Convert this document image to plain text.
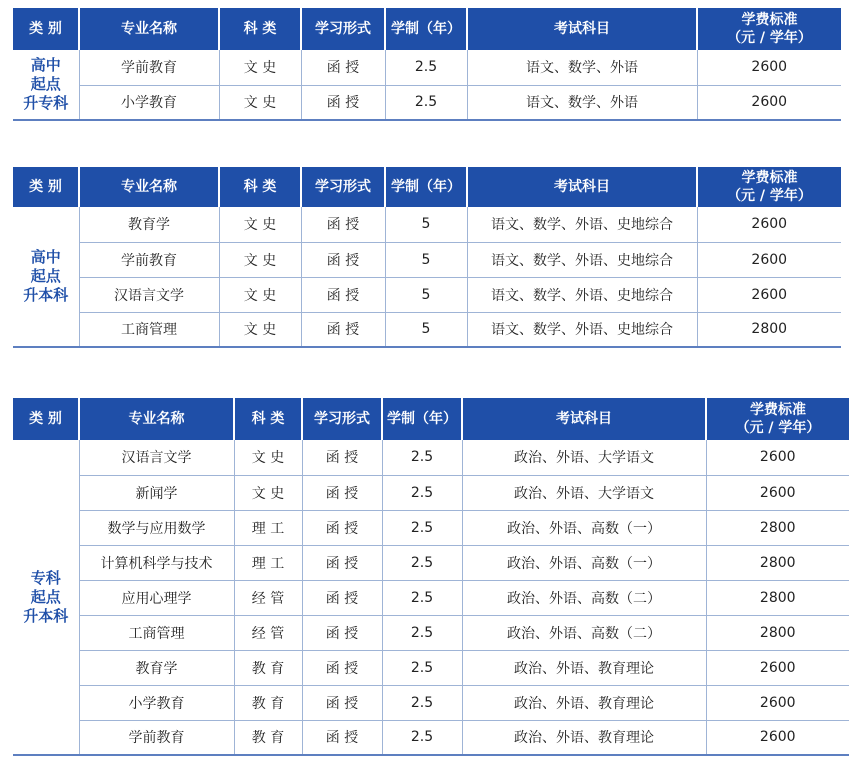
类 别	专业名称	科 类	学习形式	学制（年）	考试科目	学费标准
（元 / 学年）

高中
起点
升专科	学前教育	文 史	函 授	2.5	语文、数学、外语	2600
	小学教育	文 史	函 授	2.5	语文、数学、外语	2600
类 别	专业名称	科 类	学习形式	学制（年）	考试科目	学费标准
（元 / 学年）

高中
起点
升本科	教育学	文 史	函 授	5	语文、数学、外语、史地综合	2600
	学前教育	文 史	函 授	5	语文、数学、外语、史地综合	2600
	汉语言文学	文 史	函 授	5	语文、数学、外语、史地综合	2600
	工商管理	文 史	函 授	5	语文、数学、外语、史地综合	2800
类 别	专业名称	科 类	学习形式	学制（年）	考试科目	学费标准
（元 / 学年）

专科
起点
升本科	汉语言文学	文 史	函 授	2.5	政治、外语、大学语文	2600
	新闻学	文 史	函 授	2.5	政治、外语、大学语文	2600
	数学与应用数学	理 工	函 授	2.5	政治、外语、高数（一）	2800
	计算机科学与技术	理 工	函 授	2.5	政治、外语、高数（一）	2800
	应用心理学	经 管	函 授	2.5	政治、外语、高数（二）	2800
	工商管理	经 管	函 授	2.5	政治、外语、高数（二）	2800
	教育学	教 育	函 授	2.5	政治、外语、教育理论	2600
	小学教育	教 育	函 授	2.5	政治、外语、教育理论	2600
	学前教育	教 育	函 授	2.5	政治、外语、教育理论	2600
